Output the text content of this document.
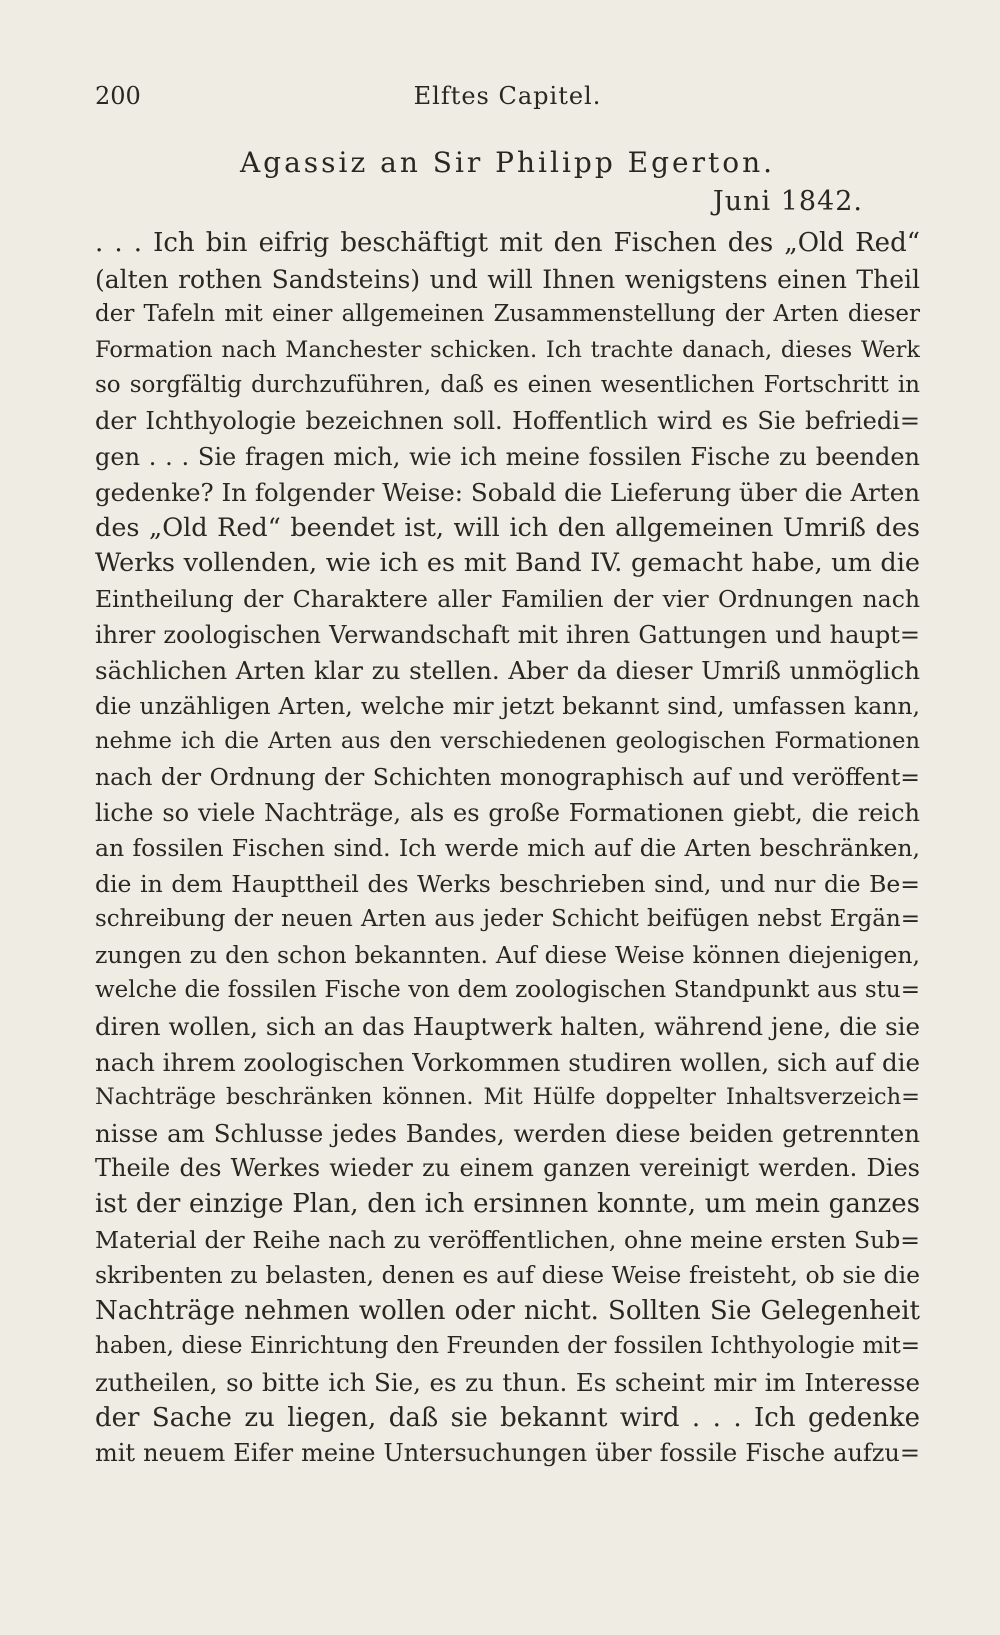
200	Elftes Capitel.
Agassiz an Sir Philipp Egerton.
Juni 1842.
. . . Ich bin eifrig beschäftigt mit den Fischen des „Old Red“
(alten rothen Sandsteins) und will Ihnen wenigstens einen Theil
der Tafeln mit einer allgemeinen Zusammenstellung der Arten dieser
Formation nach Manchester schicken. Ich trachte danach, dieses Werk
so sorgfältig durchzuführen, daß es einen wesentlichen Fortschritt in
der Ichthyologie bezeichnen soll. Hoffentlich wird es Sie befriedi=
gen . . . Sie fragen mich, wie ich meine fossilen Fische zu beenden
gedenke? In folgender Weise: Sobald die Lieferung über die Arten
des „Old Red“ beendet ist, will ich den allgemeinen Umriß des
Werks vollenden, wie ich es mit Band IV. gemacht habe, um die
Eintheilung der Charaktere aller Familien der vier Ordnungen nach
ihrer zoologischen Verwandschaft mit ihren Gattungen und haupt=
sächlichen Arten klar zu stellen. Aber da dieser Umriß unmöglich
die unzähligen Arten, welche mir jetzt bekannt sind, umfassen kann,
nehme ich die Arten aus den verschiedenen geologischen Formationen
nach der Ordnung der Schichten monographisch auf und veröffent=
liche so viele Nachträge, als es große Formationen giebt, die reich
an fossilen Fischen sind. Ich werde mich auf die Arten beschränken,
die in dem Haupttheil des Werks beschrieben sind, und nur die Be=
schreibung der neuen Arten aus jeder Schicht beifügen nebst Ergän=
zungen zu den schon bekannten. Auf diese Weise können diejenigen,
welche die fossilen Fische von dem zoologischen Standpunkt aus stu=
diren wollen, sich an das Hauptwerk halten, während jene, die sie
nach ihrem zoologischen Vorkommen studiren wollen, sich auf die
Nachträge beschränken können. Mit Hülfe doppelter Inhaltsverzeich=
nisse am Schlusse jedes Bandes, werden diese beiden getrennten
Theile des Werkes wieder zu einem ganzen vereinigt werden. Dies
ist der einzige Plan, den ich ersinnen konnte, um mein ganzes
Material der Reihe nach zu veröffentlichen, ohne meine ersten Sub=
skribenten zu belasten, denen es auf diese Weise freisteht, ob sie die
Nachträge nehmen wollen oder nicht. Sollten Sie Gelegenheit
haben, diese Einrichtung den Freunden der fossilen Ichthyologie mit=
zutheilen, so bitte ich Sie, es zu thun. Es scheint mir im Interesse
der Sache zu liegen, daß sie bekannt wird . . . Ich gedenke
mit neuem Eifer meine Untersuchungen über fossile Fische aufzu=
